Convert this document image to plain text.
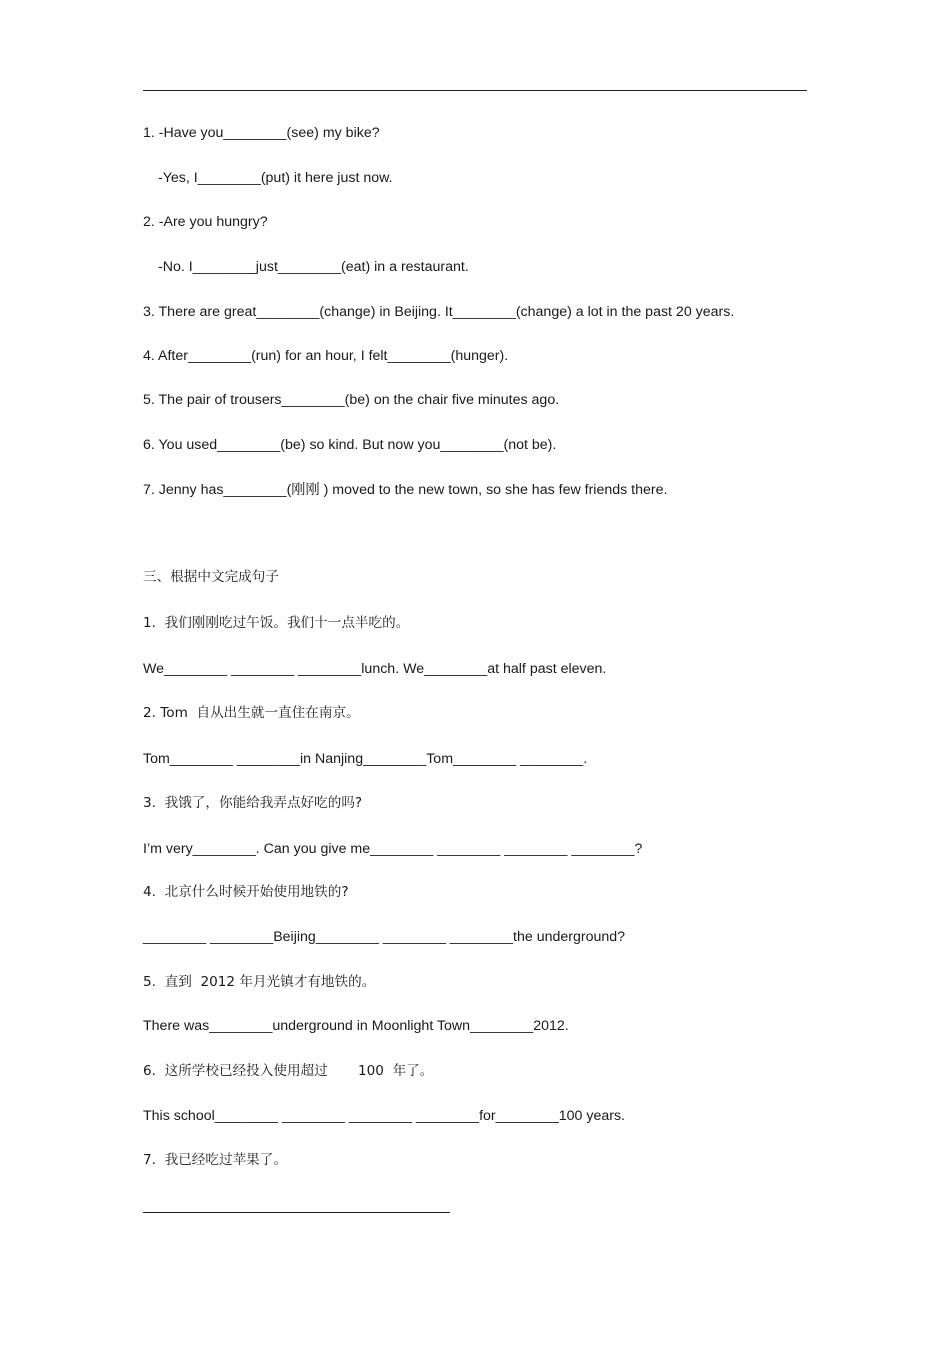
1. -Have you________(see) my bike?
-Yes, I________(put) it here just now.
2. -Are you hungry?
-No. I________just________(eat) in a restaurant.
3. There are great________(change) in Beijing. It________(change) a lot in the past 20 years.
4. After________(run) for an hour, I felt________(hunger).
5. The pair of trousers________(be) on the chair five minutes ago.
6. You used________(be) so kind. But now you________(not be).
7. Jenny has________(刚刚 ) moved to the new town, so she has few friends there.
三、根据中文完成句子
1.  我们刚刚吃过午饭。我们十一点半吃的。
We________ ________ ________lunch. We________at half past eleven.
2. Tom  自从出生就一直住在南京。
Tom________ ________in Nanjing________Tom________ ________.
3.  我饿了，你能给我弄点好吃的吗?
I’m very________. Can you give me________ ________ ________ ________?
4.  北京什么时候开始使用地铁的?
________ ________Beijing________ ________ ________the underground?
5.  直到  2012 年月光镇才有地铁的。
There was________underground in Moonlight Town________2012.
6.  这所学校已经投入使用超过       100  年了。
This school________ ________ ________ ________for________100 years.
7.  我已经吃过苹果了。
